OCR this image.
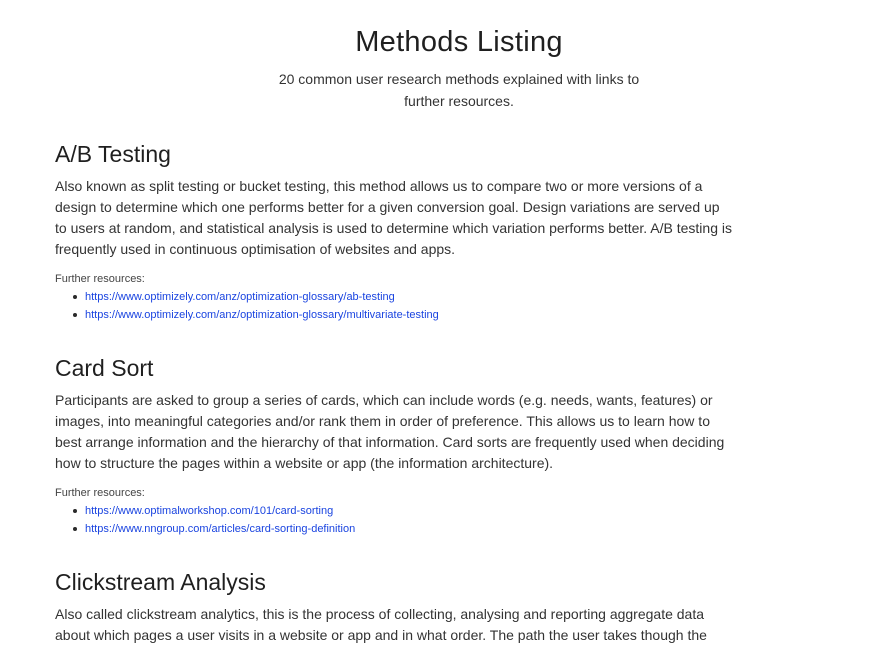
Methods Listing

20 common user research methods explained with links to further resources.

A/B Testing

Also known as split testing or bucket testing, this method allows us to compare two or more versions of a design to determine which one performs better for a given conversion goal. Design variations are served up to users at random, and statistical analysis is used to determine which variation performs better. A/B testing is frequently used in continuous optimisation of websites and apps.

Further resources:
https://www.optimizely.com/anz/optimization-glossary/ab-testing
https://www.optimizely.com/anz/optimization-glossary/multivariate-testing
Card Sort

Participants are asked to group a series of cards, which can include words (e.g. needs, wants, features) or images, into meaningful categories and/or rank them in order of preference. This allows us to learn how to best arrange information and the hierarchy of that information. Card sorts are frequently used when deciding how to structure the pages within a website or app (the information architecture).

Further resources:
https://www.optimalworkshop.com/101/card-sorting
https://www.nngroup.com/articles/card-sorting-definition
Clickstream Analysis

Also called clickstream analytics, this is the process of collecting, analysing and reporting aggregate data about which pages a user visits in a website or app and in what order. The path the user takes though the
